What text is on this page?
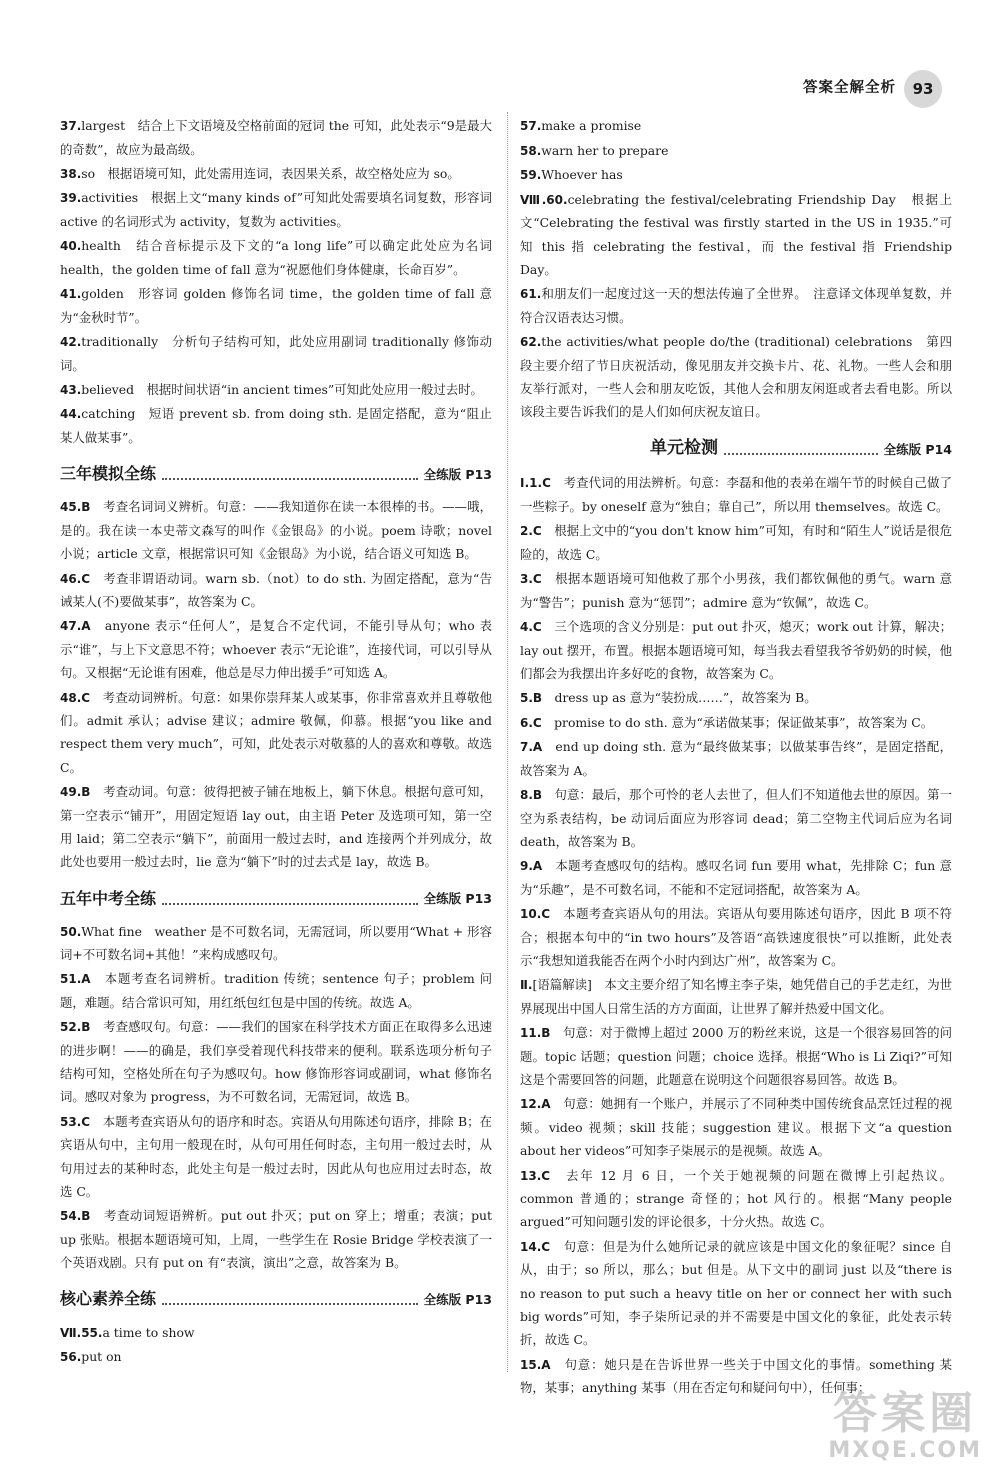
答案全解全析	93
37.largest　结合上下文语境及空格前面的冠词 the 可知，此处表示“9是最大的奇数”，故应为最高级。
38.so　根据语境可知，此处需用连词，表因果关系，故空格处应为 so。
39.activities　根据上文“many kinds of”可知此处需要填名词复数，形容词 active 的名词形式为 activity，复数为 activities。
40.health　结合音标提示及下文的“a long life”可以确定此处应为名词 health，the golden time of fall 意为“祝愿他们身体健康，长命百岁”。
41.golden　形容词 golden 修饰名词 time，the golden time of fall 意为“金秋时节”。
42.traditionally　分析句子结构可知，此处应用副词 traditionally 修饰动词。
43.believed　根据时间状语“in ancient times”可知此处应用一般过去时。
44.catching　短语 prevent sb. from doing sth. 是固定搭配，意为“阻止某人做某事”。
三年模拟全练	全练版 P13
45.B　考查名词词义辨析。句意：——我知道你在读一本很棒的书。——哦，是的。我在读一本史蒂文森写的叫作《金银岛》的小说。poem 诗歌；novel 小说；article 文章，根据常识可知《金银岛》为小说，结合语义可知选 B。
46.C　考查非谓语动词。warn sb.（not）to do sth. 为固定搭配，意为“告诫某人(不)要做某事”，故答案为 C。
47.A　anyone 表示“任何人”，是复合不定代词，不能引导从句；who 表示“谁”，与上下文意思不符；whoever 表示“无论谁”，连接代词，可以引导从句。又根据“无论谁有困难，他总是尽力伸出援手”可知选 A。
48.C　考查动词辨析。句意：如果你崇拜某人或某事，你非常喜欢并且尊敬他们。admit 承认；advise 建议；admire 敬佩，仰慕。根据“you like and respect them very much”，可知，此处表示对敬慕的人的喜欢和尊敬。故选 C。
49.B　考查动词。句意：彼得把被子铺在地板上，躺下休息。根据句意可知，第一空表示“铺开”，用固定短语 lay out，由主语 Peter 及选项可知，第一空用 laid；第二空表示“躺下”，前面用一般过去时，and 连接两个并列成分，故此处也要用一般过去时，lie 意为“躺下”时的过去式是 lay，故选 B。
五年中考全练	全练版 P13
50.What fine　weather 是不可数名词，无需冠词，所以要用“What + 形容词+不可数名词+其他！”来构成感叹句。
51.A　本题考查名词辨析。tradition 传统；sentence 句子；problem 问题，难题。结合常识可知，用红纸包红包是中国的传统。故选 A。
52.B　考查感叹句。句意：——我们的国家在科学技术方面正在取得多么迅速的进步啊！——的确是，我们享受着现代科技带来的便利。联系选项分析句子结构可知，空格处所在句子为感叹句。how 修饰形容词或副词，what 修饰名词。感叹对象为 progress，为不可数名词，无需冠词，故选 B。
53.C　本题考查宾语从句的语序和时态。宾语从句用陈述句语序，排除 B；在宾语从句中，主句用一般现在时，从句可用任何时态，主句用一般过去时，从句用过去的某种时态，此处主句是一般过去时，因此从句也应用过去时态，故选 C。
54.B　考查动词短语辨析。put out 扑灭；put on 穿上；增重；表演；put up 张贴。根据本题语境可知，上周，一些学生在 Rosie Bridge 学校表演了一个英语戏剧。只有 put on 有“表演，演出”之意，故答案为 B。
核心素养全练	全练版 P13
Ⅶ.55.a time to show
56.put on
57.make a promise
58.warn her to prepare
59.Whoever has
Ⅷ.60.celebrating the festival/celebrating Friendship Day　根据上文“Celebrating the festival was firstly started in the US in 1935.”可知 this 指 celebrating the festival，而 the festival 指 Friendship Day。
61.和朋友们一起度过这一天的想法传遍了全世界。　注意译文体现单复数，并符合汉语表达习惯。
62.the activities/what people do/the (traditional) celebrations　第四段主要介绍了节日庆祝活动，像见朋友并交换卡片、花、礼物。一些人会和朋友举行派对，一些人会和朋友吃饭，其他人会和朋友闲逛或者去看电影。所以该段主要告诉我们的是人们如何庆祝友谊日。
单元检测	全练版 P14
Ⅰ.1.C　考查代词的用法辨析。句意：李磊和他的表弟在端午节的时候自己做了一些粽子。by oneself 意为“独自；靠自己”，所以用 themselves。故选 C。
2.C　根据上文中的“you don't know him”可知，有时和“陌生人”说话是很危险的，故选 C。
3.C　根据本题语境可知他救了那个小男孩，我们都钦佩他的勇气。warn 意为“警告”；punish 意为“惩罚”；admire 意为“钦佩”，故选 C。
4.C　三个选项的含义分别是：put out 扑灭，熄灭；work out 计算，解决；lay out 摆开，布置。根据本题语境可知，每当我去看望我爷爷奶奶的时候，他们都会为我摆出许多好吃的食物，故答案为 C。
5.B　dress up as 意为“装扮成……”，故答案为 B。
6.C　promise to do sth. 意为“承诺做某事；保证做某事”，故答案为 C。
7.A　end up doing sth. 意为“最终做某事；以做某事告终”，是固定搭配，故答案为 A。
8.B　句意：最后，那个可怜的老人去世了，但人们不知道他去世的原因。第一空为系表结构，be 动词后面应为形容词 dead；第二空物主代词后应为名词 death，故答案为 B。
9.A　本题考查感叹句的结构。感叹名词 fun 要用 what，先排除 C；fun 意为“乐趣”，是不可数名词，不能和不定冠词搭配，故答案为 A。
10.C　本题考查宾语从句的用法。宾语从句要用陈述句语序，因此 B 项不符合；根据本句中的“in two hours”及答语“高铁速度很快”可以推断，此处表示“我想知道我能否在两个小时内到达广州”，故答案为 C。
Ⅱ.[语篇解读]　本文主要介绍了知名博主李子柒，她凭借自己的手艺走红，为世界展现出中国人日常生活的方方面面，让世界了解并热爱中国文化。
11.B　句意：对于微博上超过 2000 万的粉丝来说，这是一个很容易回答的问题。topic 话题；question 问题；choice 选择。根据“Who is Li Ziqi?”可知这是个需要回答的问题，此题意在说明这个问题很容易回答。故选 B。
12.A　句意：她拥有一个账户，并展示了不同种类中国传统食品烹饪过程的视频。video 视频；skill 技能；suggestion 建议。根据下文“a question about her videos”可知李子柒展示的是视频。故选 A。
13.C　去年 12 月 6 日，一个关于她视频的问题在微博上引起热议。common 普通的；strange 奇怪的；hot 风行的。根据“Many people argued”可知问题引发的评论很多，十分火热。故选 C。
14.C　句意：但是为什么她所记录的就应该是中国文化的象征呢？since 自从，由于；so 所以，那么；but 但是。从下文中的副词 just 以及“there is no reason to put such a heavy title on her or connect her with such big words”可知，李子柒所记录的并不需要是中国文化的象征，此处表示转折，故选 C。
15.A　句意：她只是在告诉世界一些关于中国文化的事情。something 某物，某事；anything 某事（用在否定句和疑问句中），任何事；
答案圈
MXQE.COM
